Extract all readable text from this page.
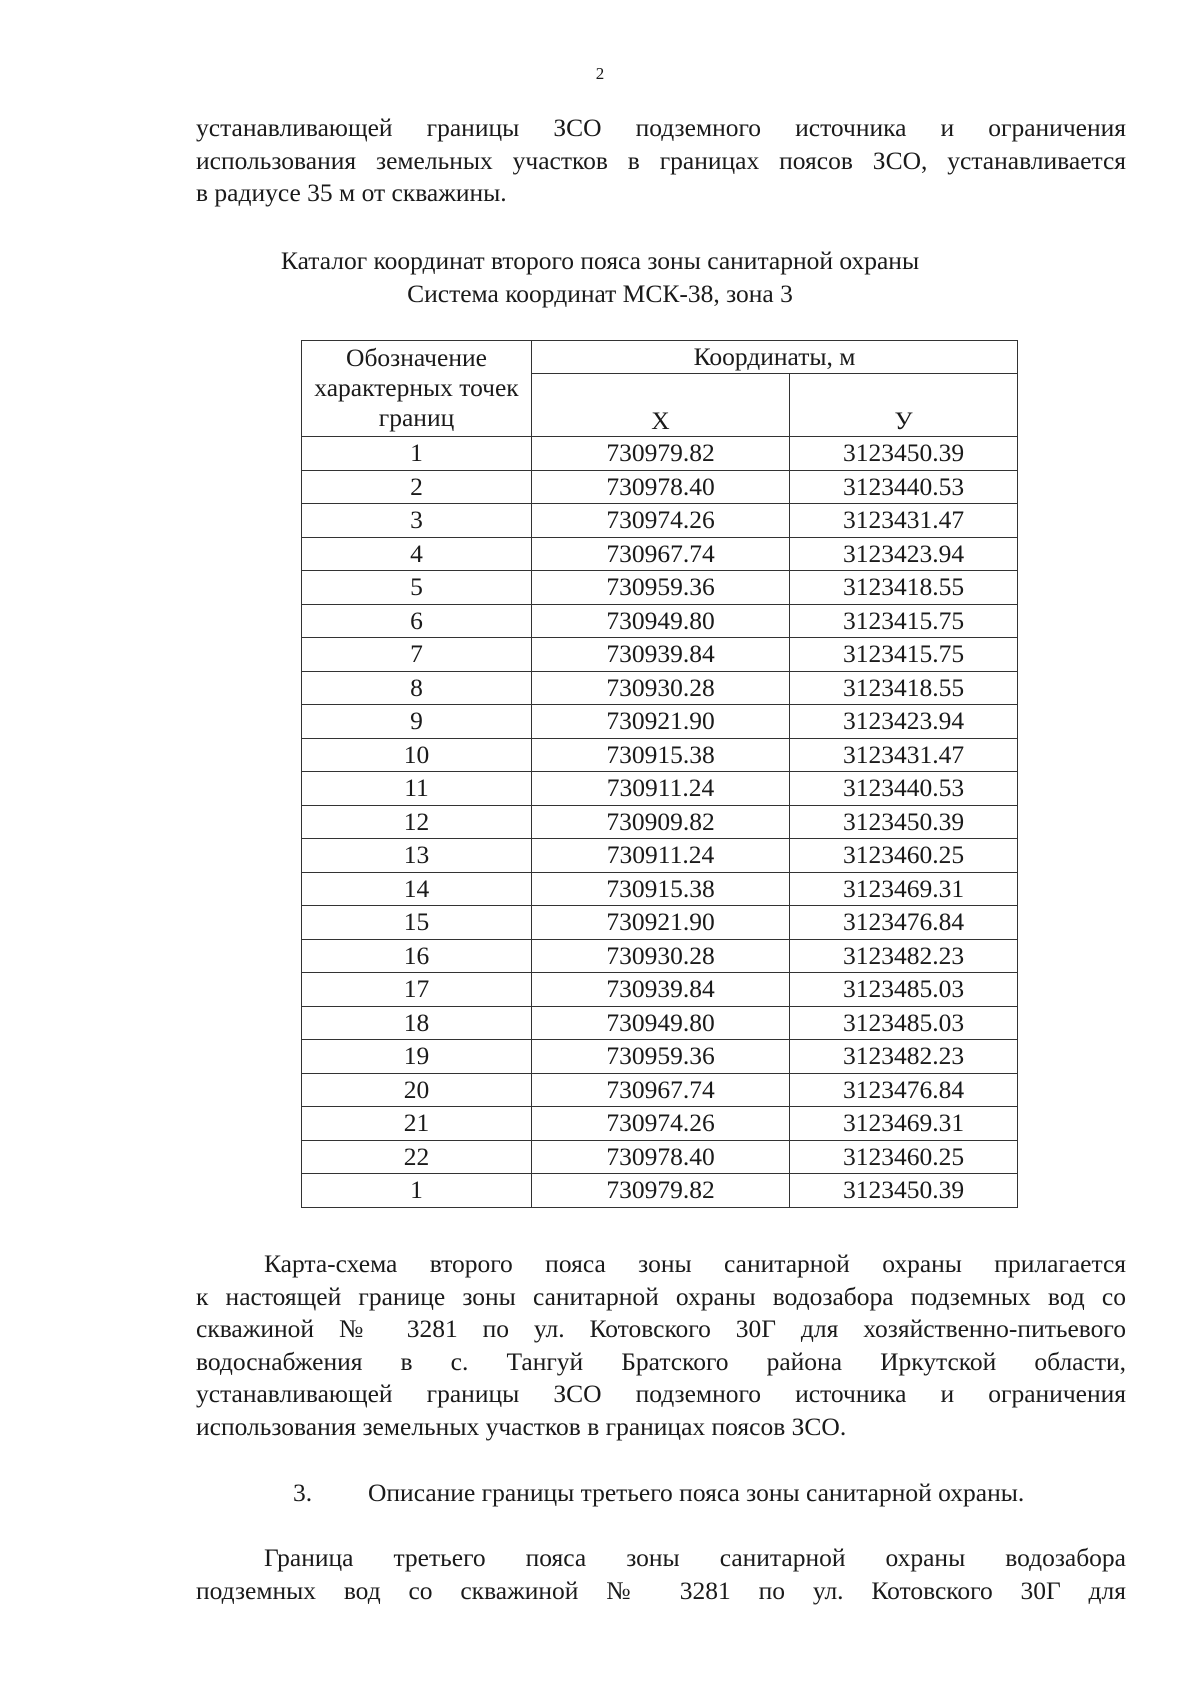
2
устанавливающей границы ЗСО подземного источника и ограничения
использования земельных участков в границах поясов ЗСО, устанавливается
в радиусе 35 м от скважины.
Каталог координат второго пояса зоны санитарной охраны
Система координат МСК-38, зона 3
Обозначение характерных точек границ	Координаты, м	
	X	У
1	730979.82	3123450.39
2	730978.40	3123440.53
3	730974.26	3123431.47
4	730967.74	3123423.94
5	730959.36	3123418.55
6	730949.80	3123415.75
7	730939.84	3123415.75
8	730930.28	3123418.55
9	730921.90	3123423.94
10	730915.38	3123431.47
11	730911.24	3123440.53
12	730909.82	3123450.39
13	730911.24	3123460.25
14	730915.38	3123469.31
15	730921.90	3123476.84
16	730930.28	3123482.23
17	730939.84	3123485.03
18	730949.80	3123485.03
19	730959.36	3123482.23
20	730967.74	3123476.84
21	730974.26	3123469.31
22	730978.40	3123460.25
1	730979.82	3123450.39
Карта-схема второго пояса зоны санитарной охраны прилагается
к настоящей границе зоны санитарной охраны водозабора подземных вод со
скважиной № 3281 по ул. Котовского 30Г для хозяйственно-питьевого
водоснабжения в с. Тангуй Братского района Иркутской области,
устанавливающей границы ЗСО подземного источника и ограничения
использования земельных участков в границах поясов ЗСО.
3. Описание границы третьего пояса зоны санитарной охраны.
Граница третьего пояса зоны санитарной охраны водозабора
подземных вод со скважиной № 3281 по ул. Котовского 30Г для
